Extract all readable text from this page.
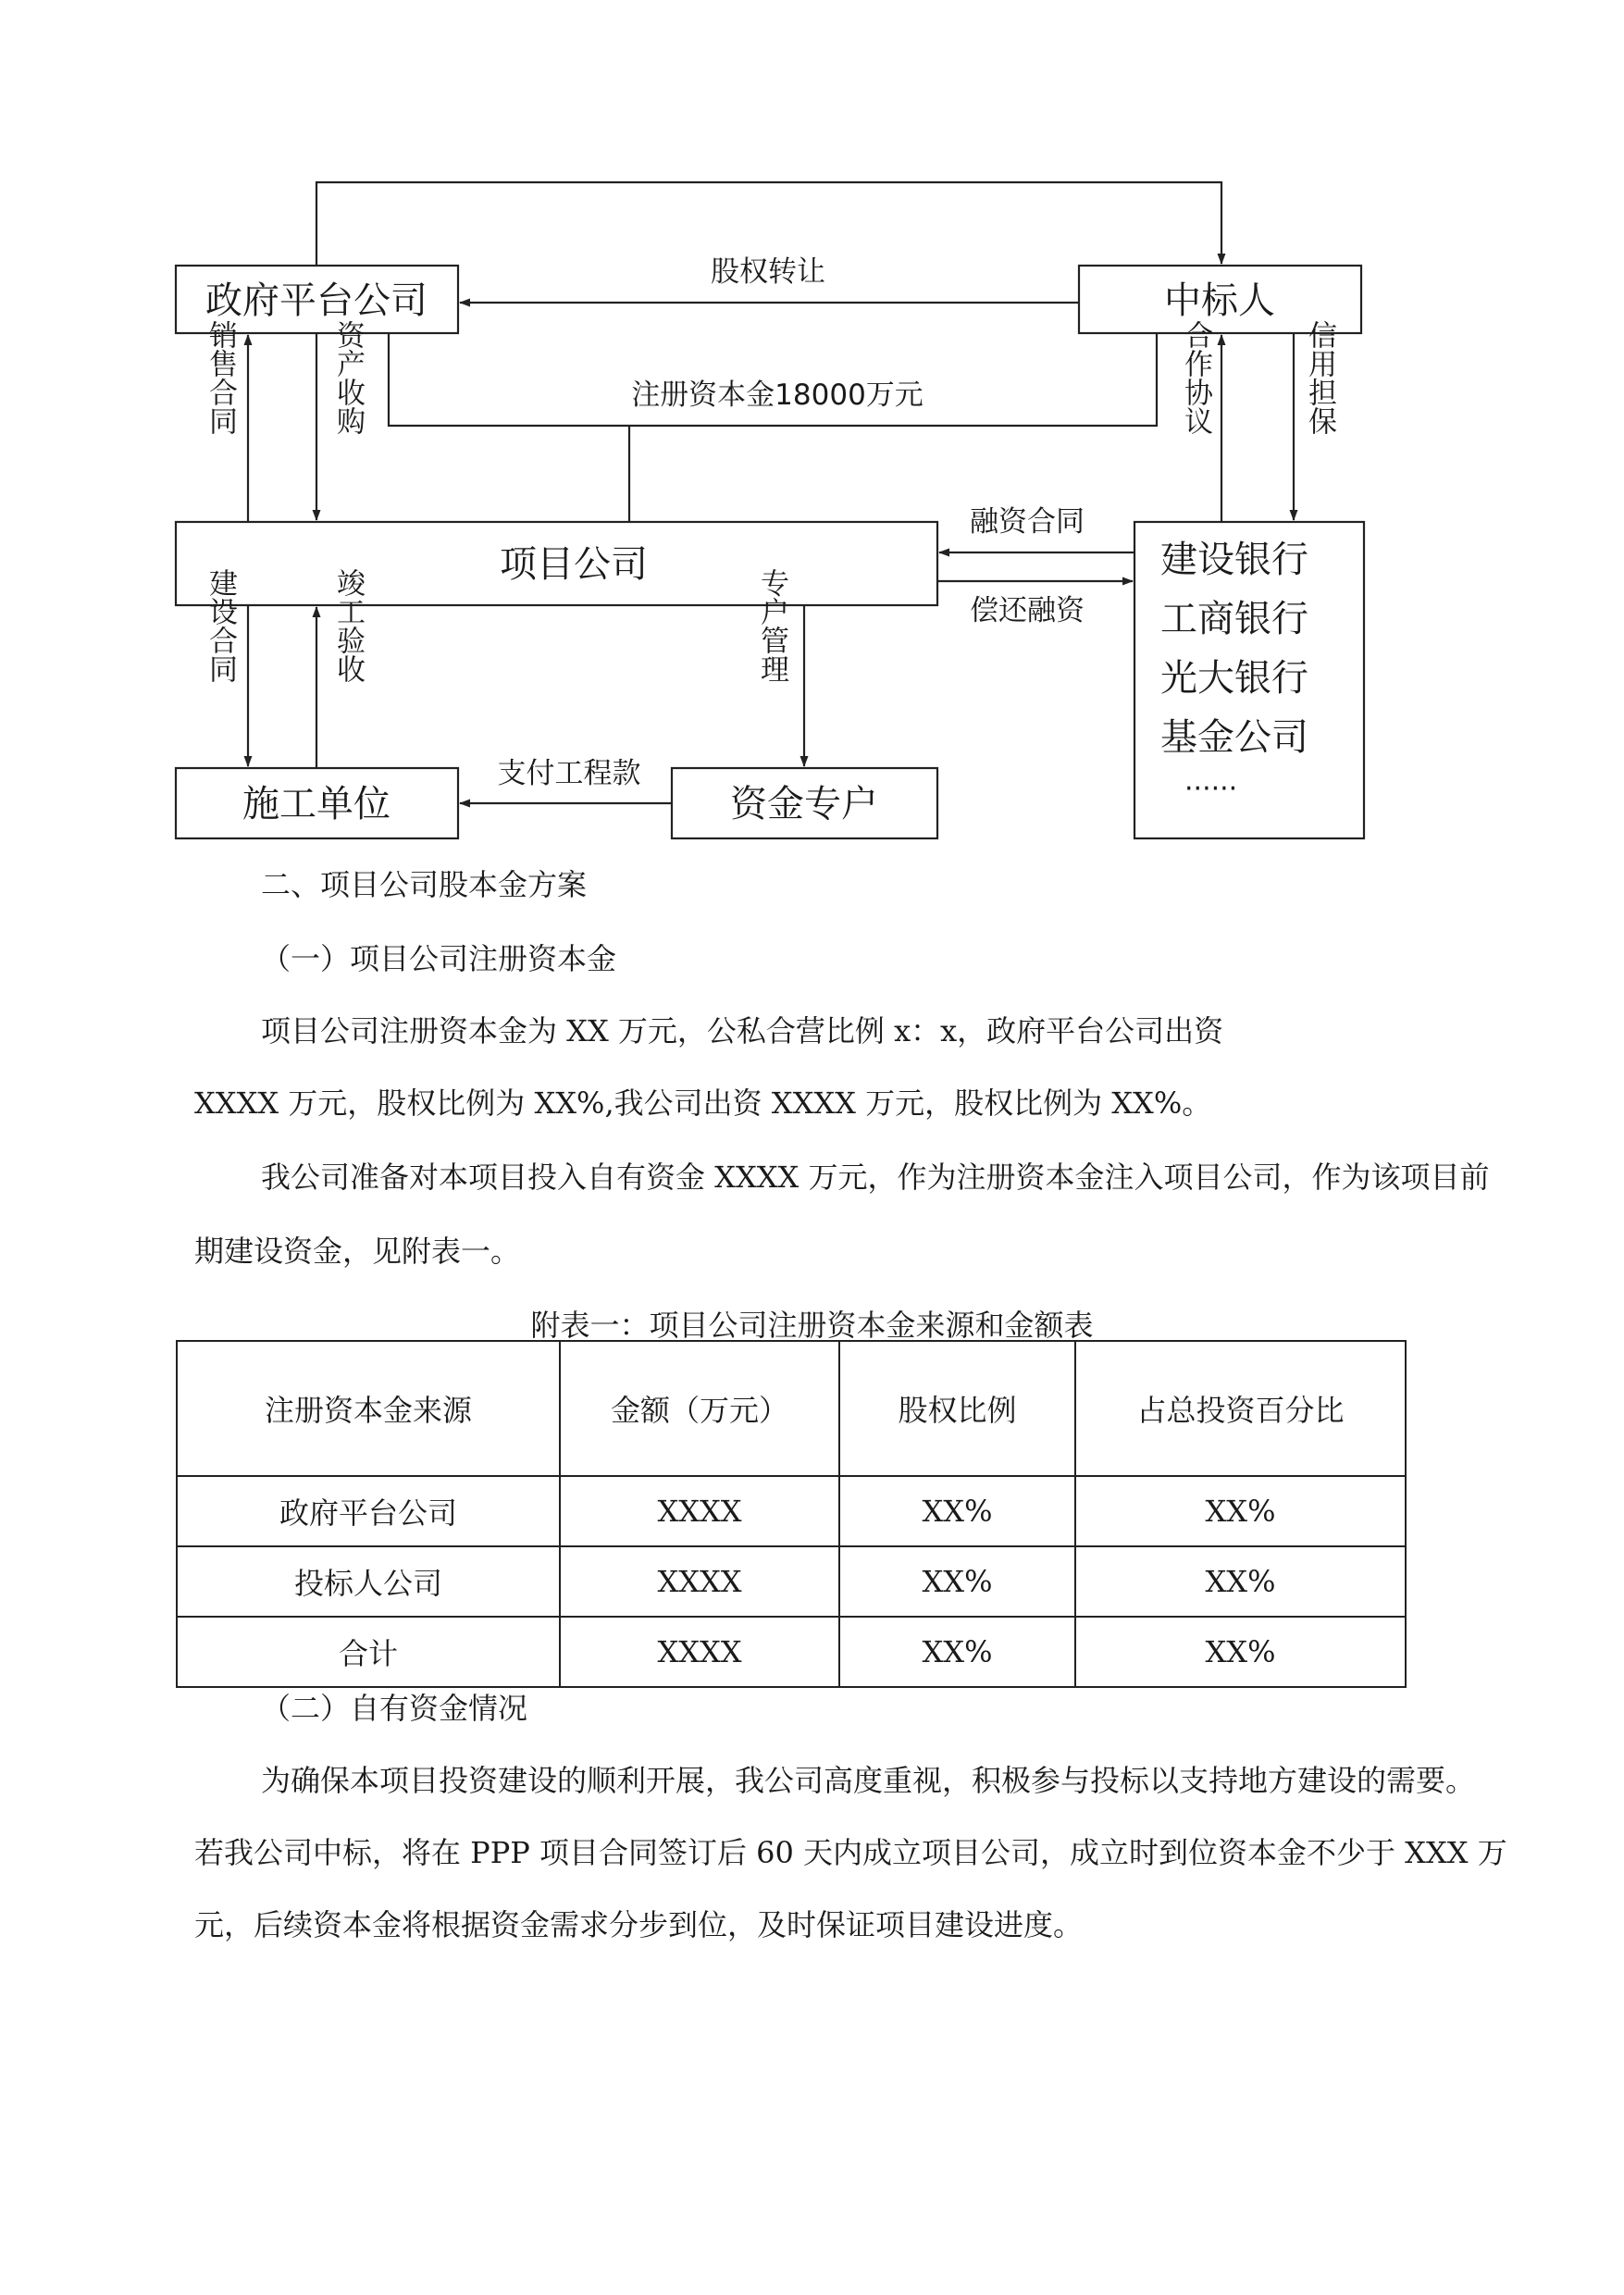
政府平台公司	中标人
项目公司
施工单位	资金专户
建设银行
工商银行
光大银行
基金公司
······
股权转让
注册资本金18000万元
销售合同	资产收购	合作协议	信用担保
融资合同
偿还融资
建设合同	竣工验收	专户管理
支付工程款

二、项目公司股本金方案

（一）项目公司注册资本金

项目公司注册资本金为 XX 万元，公私合营比例 x：x，政府平台公司出资

XXXX 万元，股权比例为 XX%,我公司出资 XXXX 万元，股权比例为 XX%。

我公司准备对本项目投入自有资金 XXXX 万元，作为注册资本金注入项目公司，作为该项目前

期建设资金，见附表一。

附表一：项目公司注册资本金来源和金额表

注册资本金来源	金额（万元）	股权比例	占总投资百分比
政府平台公司	XXXX	XX%	XX%
投标人公司	XXXX	XX%	XX%
合计	XXXX	XX%	XX%

（二）自有资金情况

为确保本项目投资建设的顺利开展，我公司高度重视，积极参与投标以支持地方建设的需要。

若我公司中标，将在 PPP 项目合同签订后 60 天内成立项目公司，成立时到位资本金不少于 XXX 万

元，后续资本金将根据资金需求分步到位，及时保证项目建设进度。
